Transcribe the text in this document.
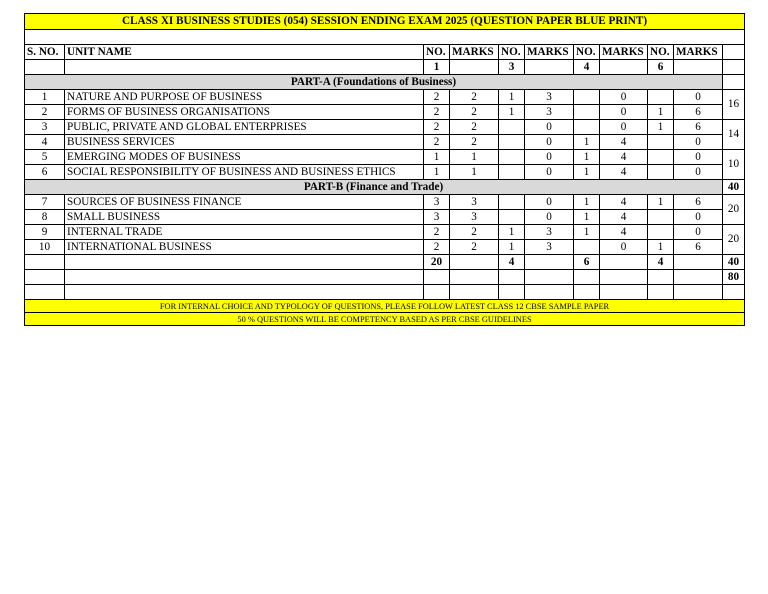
CLASS XI BUSINESS STUDIES (054) SESSION ENDING EXAM 2025 (QUESTION PAPER BLUE PRINT)										

S. NO.	UNIT NAME	NO.	MARKS	NO.	MARKS	NO.	MARKS	NO.	MARKS	
		1		3		4		6		
PART-A (Foundations of Business)										
1	NATURE AND PURPOSE OF BUSINESS	2	2	1	3		0		0	16
2	FORMS OF BUSINESS ORGANISATIONS	2	2	1	3		0	1	6	
3	PUBLIC, PRIVATE AND GLOBAL ENTERPRISES	2	2		0		0	1	6	14
4	BUSINESS SERVICES	2	2		0	1	4		0	
5	EMERGING MODES OF BUSINESS	1	1		0	1	4		0	10
6	SOCIAL RESPONSIBILITY OF BUSINESS AND BUSINESS ETHICS	1	1		0	1	4		0	
PART-B (Finance and Trade)										40
7	SOURCES OF BUSINESS FINANCE	3	3		0	1	4	1	6	20
8	SMALL BUSINESS	3	3		0	1	4		0	
9	INTERNAL TRADE	2	2	1	3	1	4		0	20
10	INTERNATIONAL BUSINESS	2	2	1	3		0	1	6	
		20		4		6		4		40
										80

FOR INTERNAL CHOICE AND TYPOLOGY OF QUESTIONS, PLEASE FOLLOW LATEST CLASS 12 CBSE SAMPLE PAPER										
50 % QUESTIONS WILL BE COMPETENCY BASED AS PER CBSE GUIDELINES										
